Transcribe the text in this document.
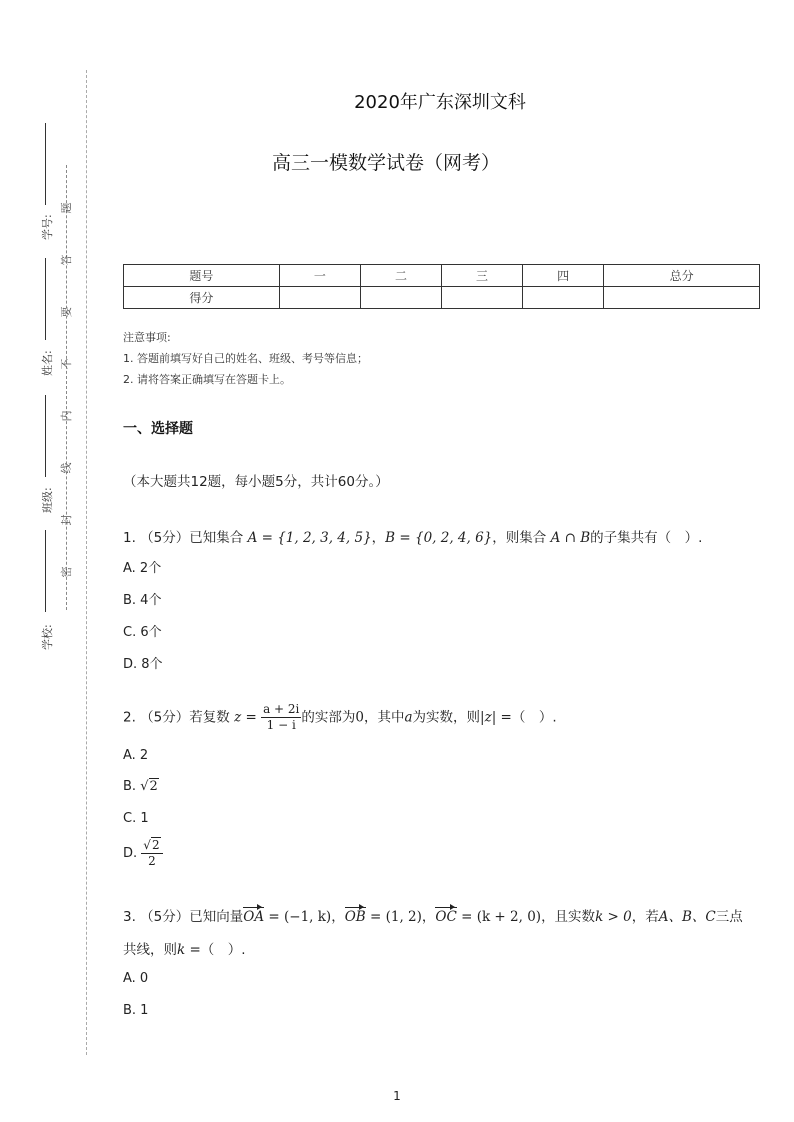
学号:
姓名:
班级:
学校:
题
答
要
不
内
线
封
密
2020年广东深圳文科
高三一模数学试卷（网考）
题号	一	二	三	四	总分
得分					
注意事项:
1. 答题前填写好自己的姓名、班级、考号等信息；
2. 请将答案正确填写在答题卡上。
一、选择题
（本大题共12题，每小题5分，共计60分。）
1. （5分）已知集合 A = {1, 2, 3, 4, 5}，B = {0, 2, 4, 6}，则集合 A ∩ B的子集共有（　）.
A. 2个
B. 4个
C. 6个
D. 8个
2. （5分）若复数 $z = \frac{a + 2i}{1 - i}$ 的实部为0，其中a为实数，则|z| =（　）.
A. 2
B. √2
C. 1
D. $\frac{√2}{2}$
3. （5分）已知向量OA = (−1, k)，OB = (1, 2)，OC = (k + 2, 0)，且实数k > 0，若A、B、C三点
共线，则k =（　）.
A. 0
B. 1
1
